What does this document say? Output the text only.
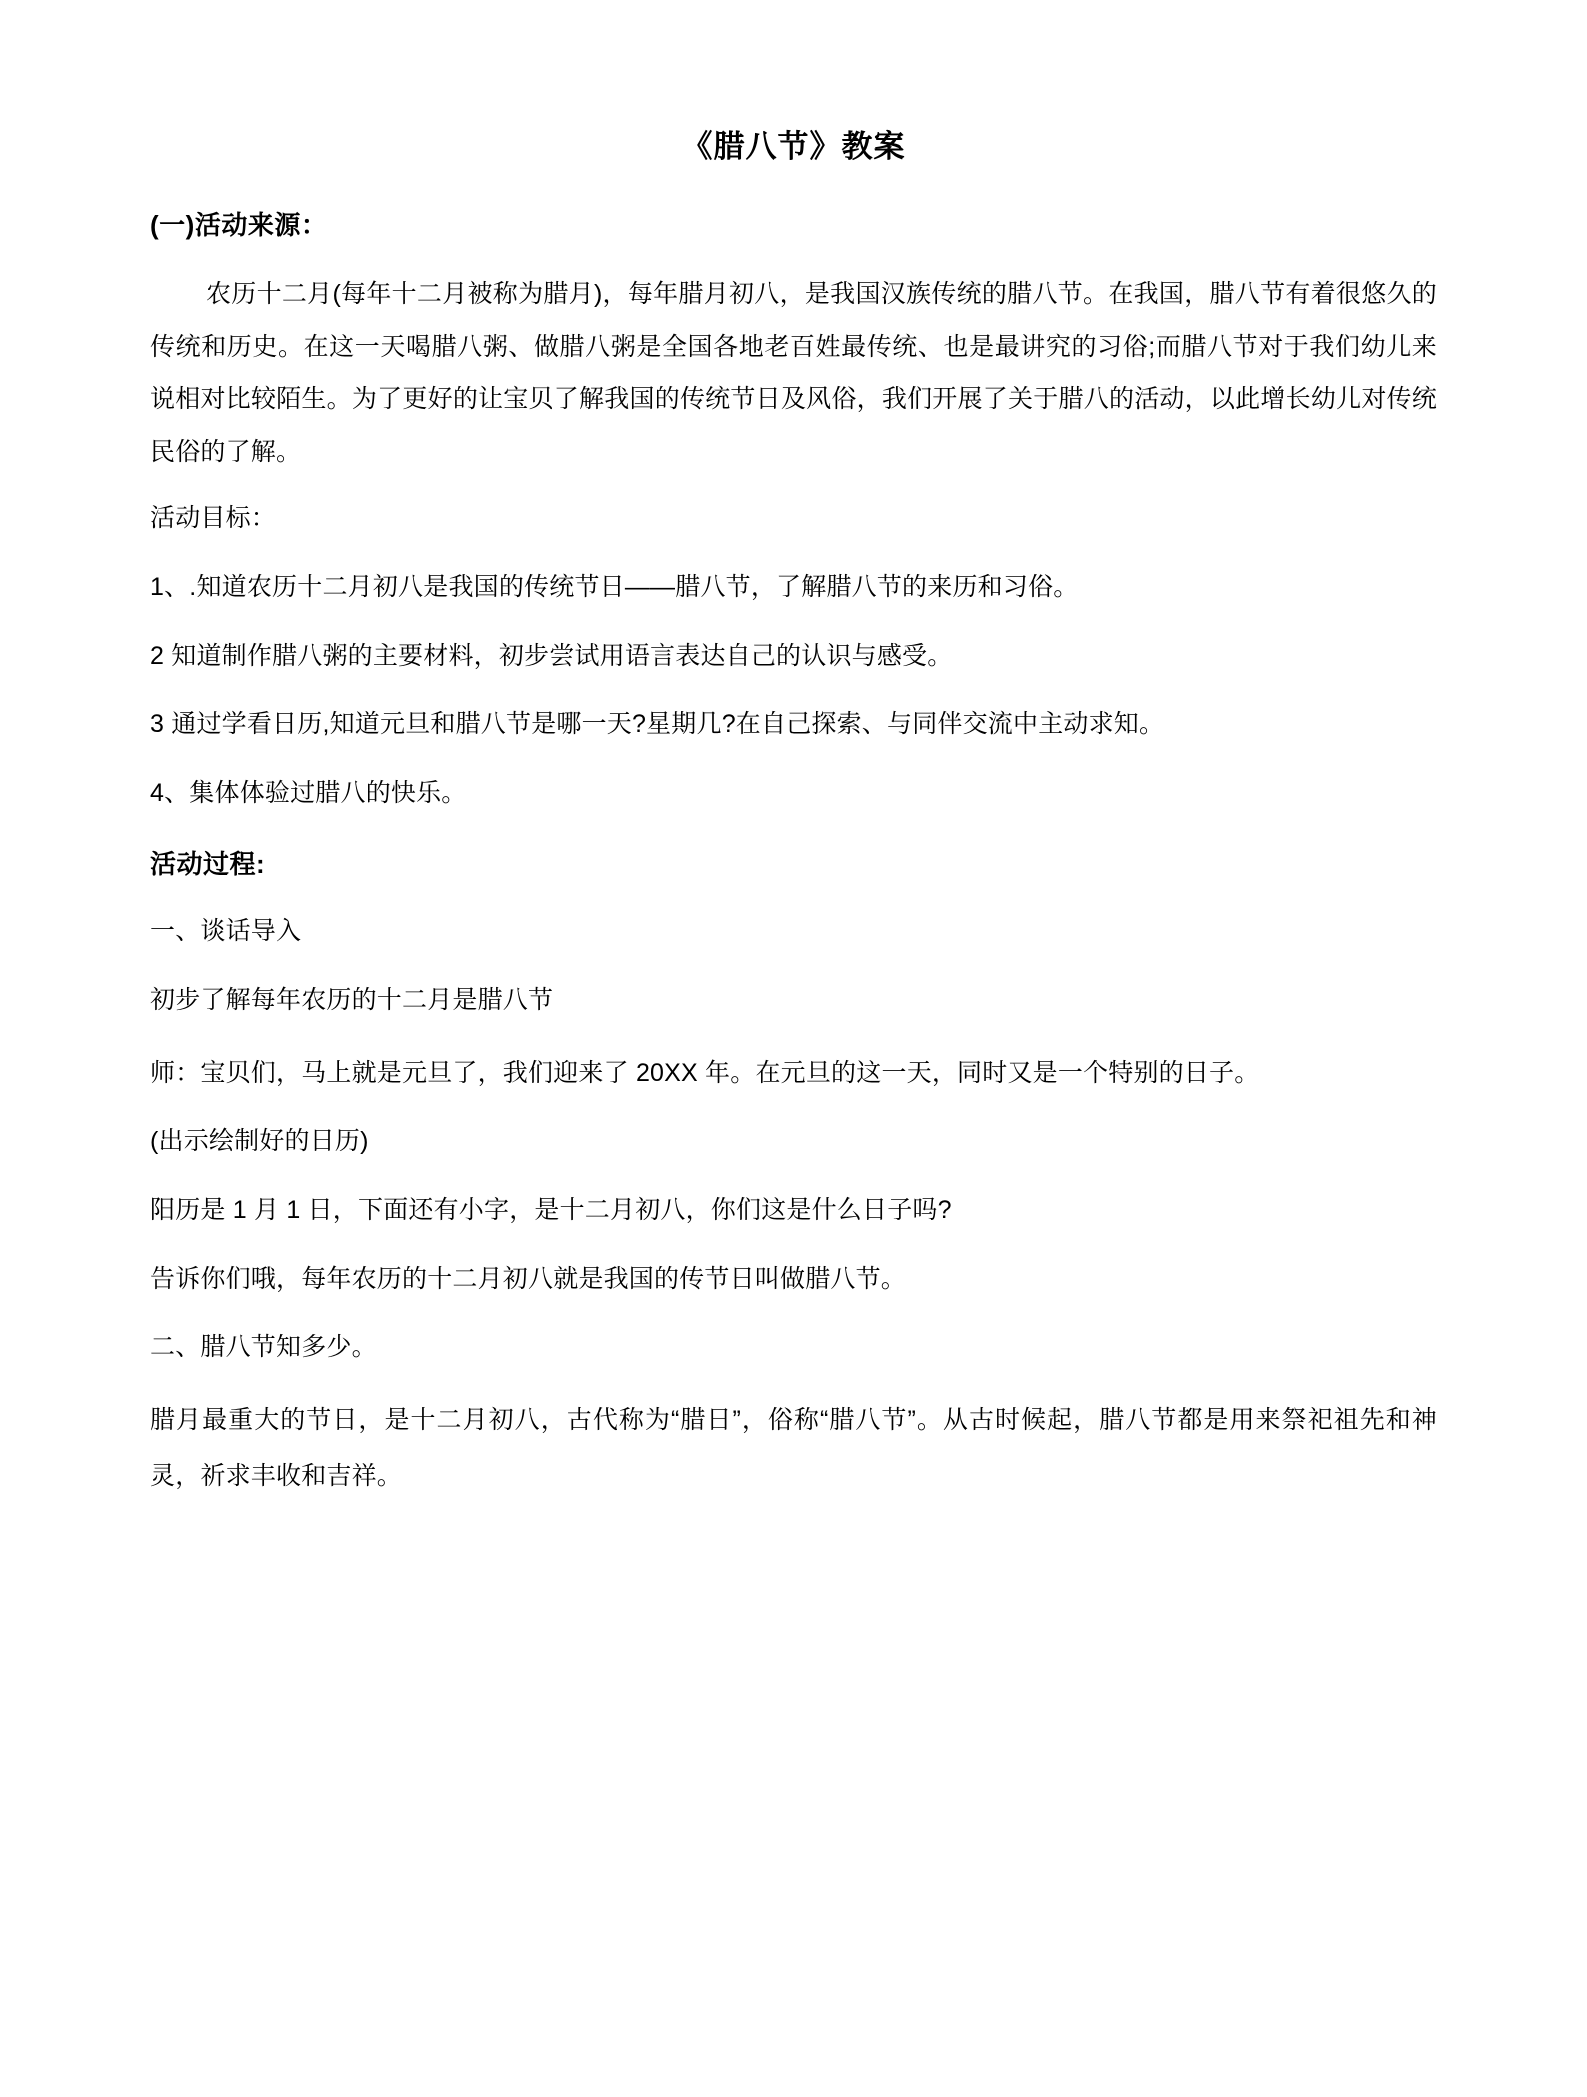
《腊八节》教案
(一)活动来源：

农历十二月(每年十二月被称为腊月)，每年腊月初八，是我国汉族传统的腊八节。在我国，腊八节有着很悠久的传统和历史。在这一天喝腊八粥、做腊八粥是全国各地老百姓最传统、也是最讲究的习俗;而腊八节对于我们幼儿来说相对比较陌生。为了更好的让宝贝了解我国的传统节日及风俗，我们开展了关于腊八的活动，以此增长幼儿对传统民俗的了解。

活动目标：

1、.知道农历十二月初八是我国的传统节日——腊八节，了解腊八节的来历和习俗。

2 知道制作腊八粥的主要材料，初步尝试用语言表达自己的认识与感受。

3 通过学看日历,知道元旦和腊八节是哪一天?星期几?在自己探索、与同伴交流中主动求知。

4、集体体验过腊八的快乐。

活动过程:

一、谈话导入

初步了解每年农历的十二月是腊八节

师：宝贝们，马上就是元旦了，我们迎来了 20XX 年。在元旦的这一天，同时又是一个特别的日子。

(出示绘制好的日历)

阳历是 1 月 1 日，下面还有小字，是十二月初八，你们这是什么日子吗?

告诉你们哦，每年农历的十二月初八就是我国的传节日叫做腊八节。

二、腊八节知多少。

腊月最重大的节日，是十二月初八，古代称为“腊日”，俗称“腊八节”。从古时候起，腊八节都是用来祭祀祖先和神灵，祈求丰收和吉祥。
